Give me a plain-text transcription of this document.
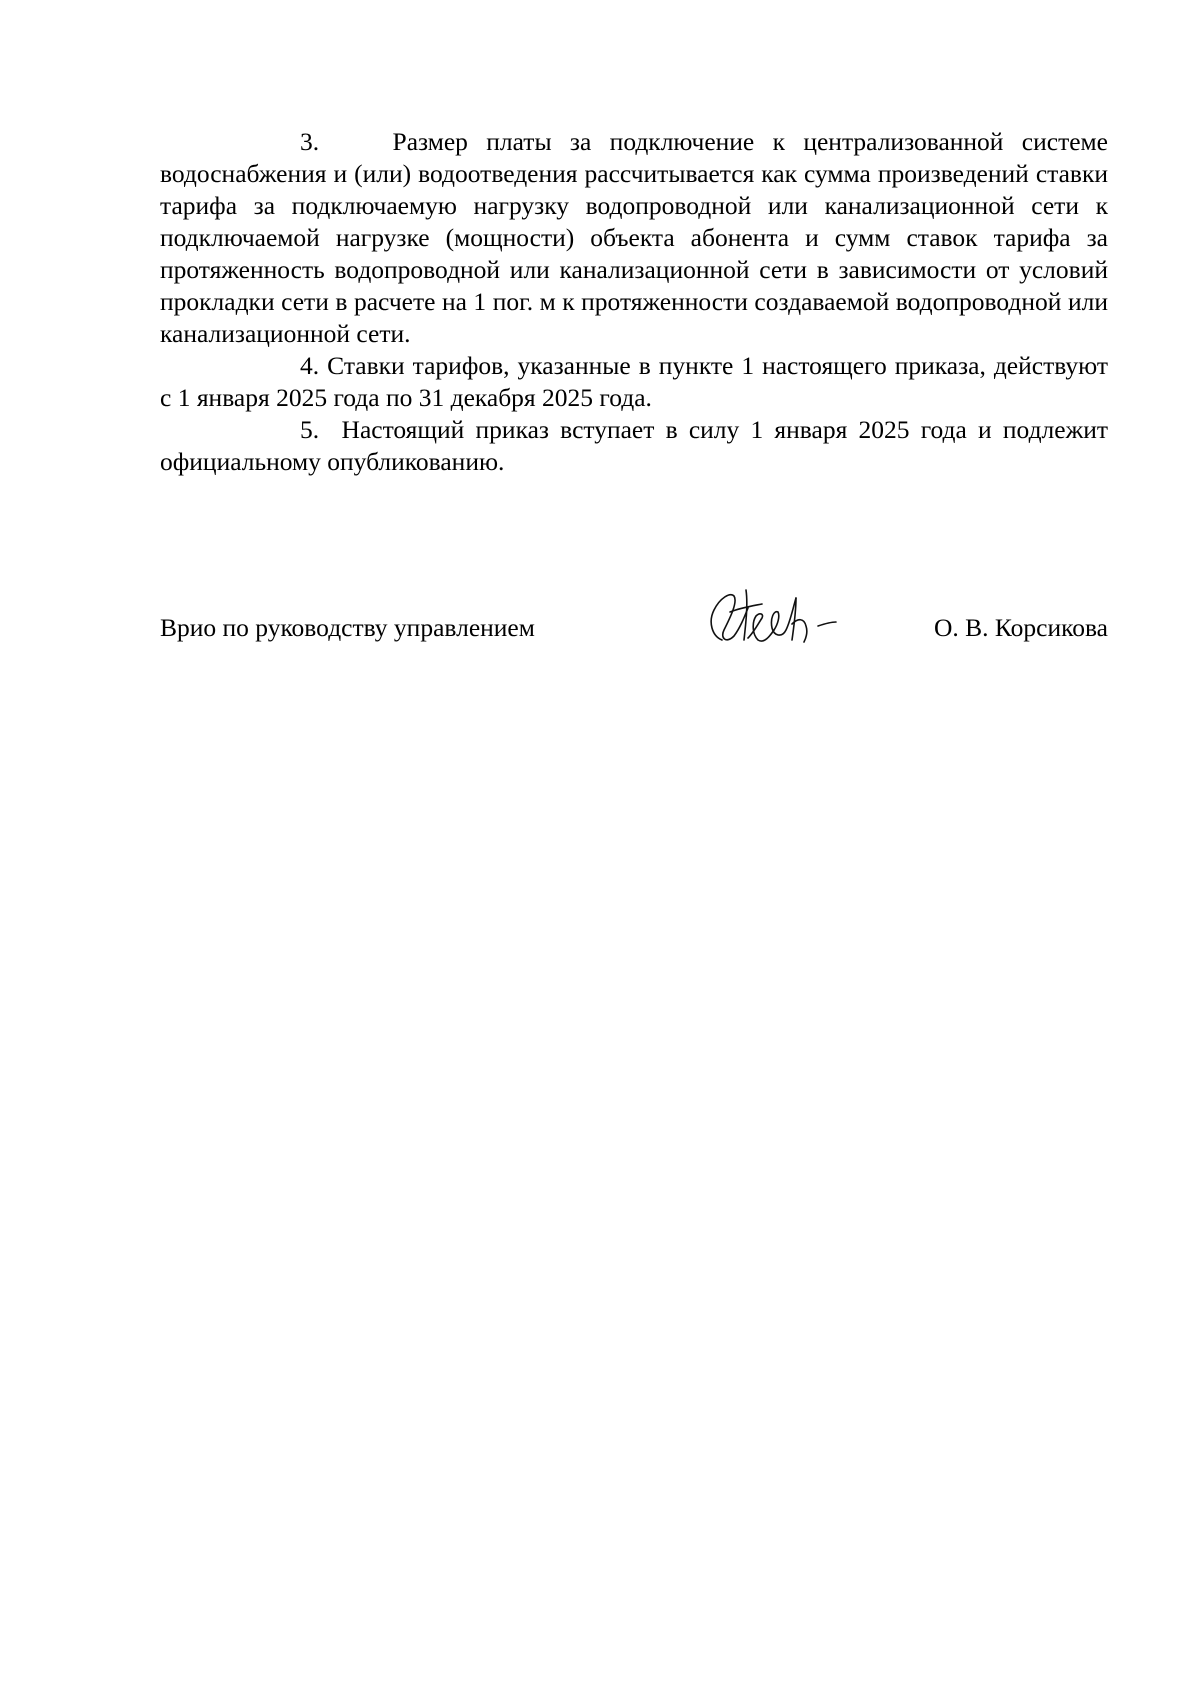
3.	Размер платы за подключение к централизованной системе водоснабжения и (или) водоотведения рассчитывается как сумма произведений ставки тарифа за подключаемую нагрузку водопроводной или канализационной сети к подключаемой нагрузке (мощности) объекта абонента и сумм ставок тарифа за протяженность водопроводной или канализационной сети в зависимости от условий прокладки сети в расчете на 1 пог. м к протяженности создаваемой водопроводной или канализационной сети.

4. Ставки тарифов, указанные в пункте 1 настоящего приказа, действуют с 1 января 2025 года по 31 декабря 2025 года.

5. Настоящий приказ вступает в силу 1 января 2025 года и подлежит официальному опубликованию.

Врио по руководству управлением	О. В. Корсикова
